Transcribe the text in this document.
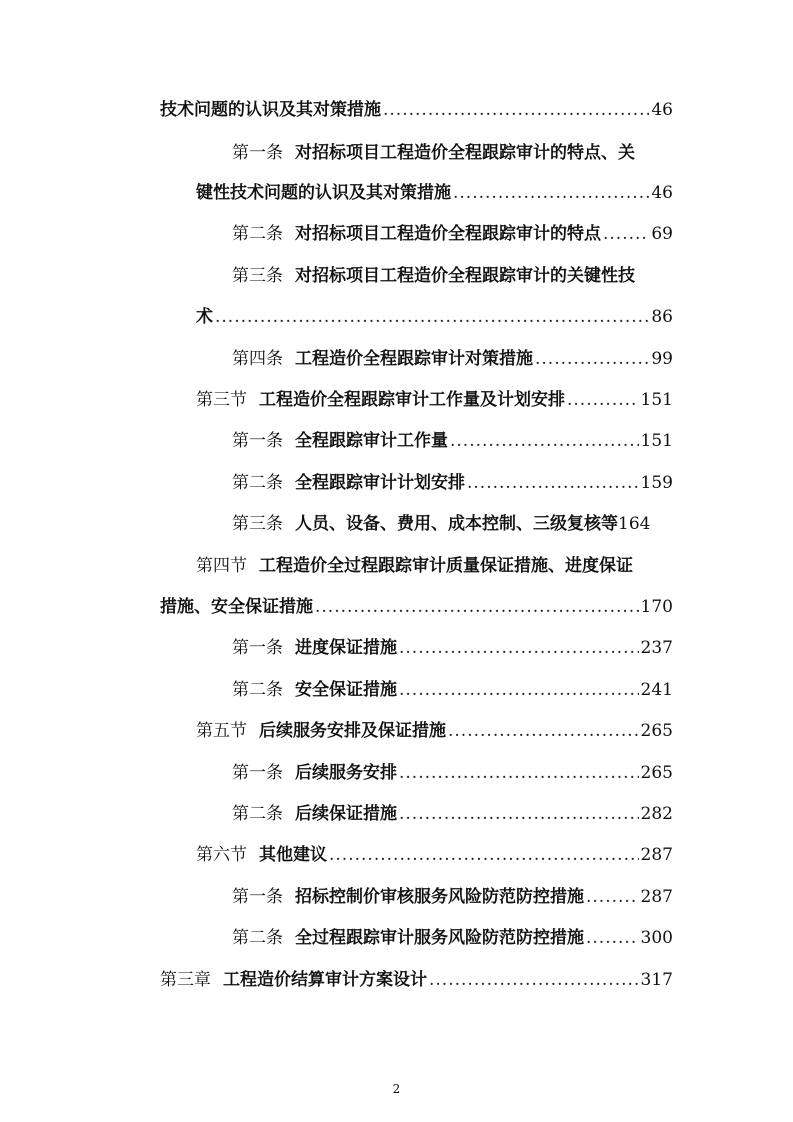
技术问题的认识及其对策措施 .....	46
第一条 对招标项目工程造价全程跟踪审计的特点、关
键性技术问题的认识及其对策措施 .....	46
第二条 对招标项目工程造价全程跟踪审计的特点 .....	69
第三条 对招标项目工程造价全程跟踪审计的关键性技
术 .....	86
第四条 工程造价全程跟踪审计对策措施 .....	99
第三节 工程造价全程跟踪审计工作量及计划安排 .....	151
第一条 全程跟踪审计工作量 .....	151
第二条 全程跟踪审计计划安排 .....	159
第三条 人员、设备、费用、成本控制、三级复核等 164
第四节 工程造价全过程跟踪审计质量保证措施、进度保证
措施、安全保证措施 .....	170
第一条 进度保证措施 .....	237
第二条 安全保证措施 .....	241
第五节 后续服务安排及保证措施 .....	265
第一条 后续服务安排 .....	265
第二条 后续保证措施 .....	282
第六节 其他建议 .....	287
第一条 招标控制价审核服务风险防范防控措施 .....	287
第二条 全过程跟踪审计服务风险防范防控措施 .....	300
第三章 工程造价结算审计方案设计 .....	317
2
